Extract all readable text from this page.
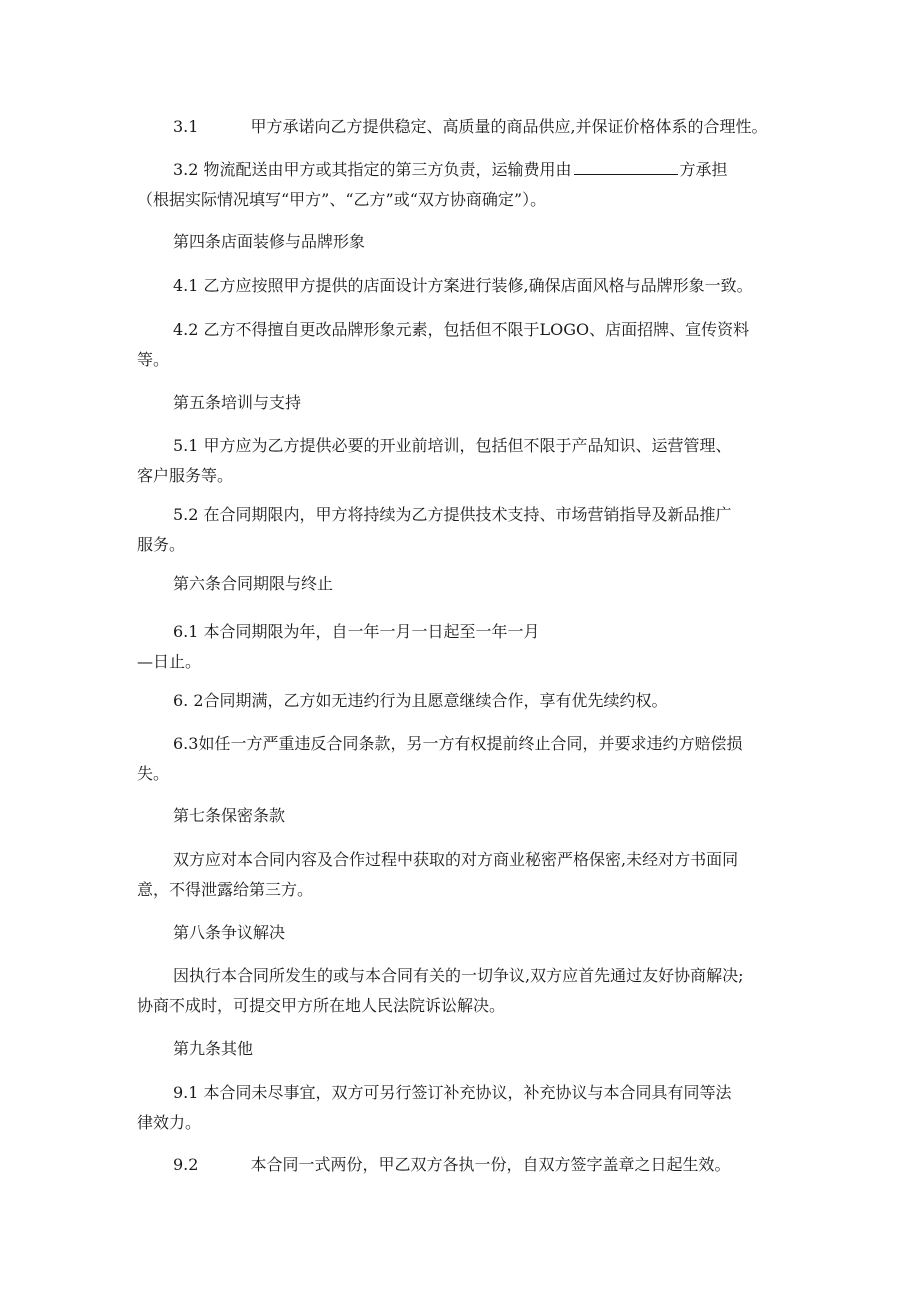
3.1	甲方承诺向乙方提供稳定、高质量的商品供应,并保证价格体系的合理性。
3.2 物流配送由甲方或其指定的第三方负责，运输费用由	方承担
（根据实际情况填写“甲方”、“乙方”或“双方协商确定”）。
第四条店面装修与品牌形象
4.1 乙方应按照甲方提供的店面设计方案进行装修,确保店面风格与品牌形象一致。
4.2 乙方不得擅自更改品牌形象元素，包括但不限于LOGO、店面招牌、宣传资料
等。
第五条培训与支持
5.1 甲方应为乙方提供必要的开业前培训，包括但不限于产品知识、运营管理、
客户服务等。
5.2 在合同期限内，甲方将持续为乙方提供技术支持、市场营销指导及新品推广
服务。
第六条合同期限与终止
6.1 本合同期限为年，自一年一月一日起至一年一月
—日止。
6. 2合同期满，乙方如无违约行为且愿意继续合作，享有优先续约权。
6.3如任一方严重违反合同条款，另一方有权提前终止合同，并要求违约方赔偿损
失。
第七条保密条款
双方应对本合同内容及合作过程中获取的对方商业秘密严格保密,未经对方书面同
意，不得泄露给第三方。
第八条争议解决
因执行本合同所发生的或与本合同有关的一切争议,双方应首先通过友好协商解决;
协商不成时，可提交甲方所在地人民法院诉讼解决。
第九条其他
9.1 本合同未尽事宜，双方可另行签订补充协议，补充协议与本合同具有同等法
律效力。
9.2	本合同一式两份，甲乙双方各执一份，自双方签字盖章之日起生效。
